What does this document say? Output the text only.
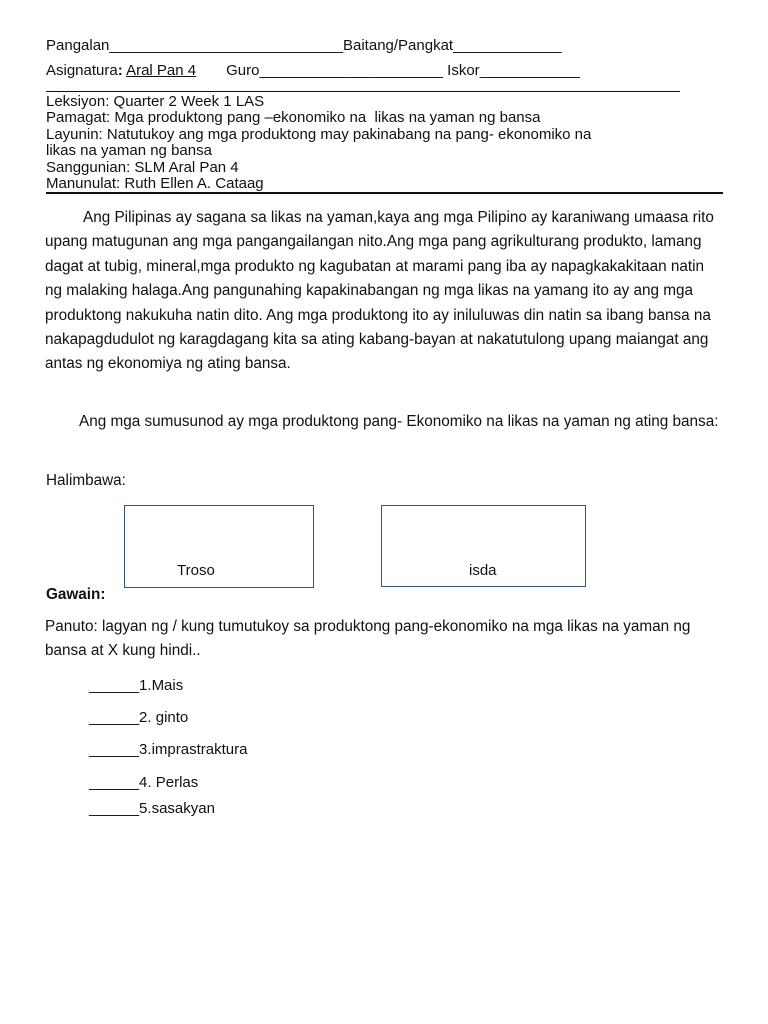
Pangalan____________________________Baitang/Pangkat_____________
Asignatura: Aral Pan 4 Guro______________________ Iskor____________
Leksiyon: Quarter 2 Week 1 LAS
Pamagat: Mga produktong pang –ekonomiko na  likas na yaman ng bansa
Layunin: Natutukoy ang mga produktong may pakinabang na pang- ekonomiko na
likas na yaman ng bansa
Sanggunian: SLM Aral Pan 4
Manunulat: Ruth Ellen A. Cataag
Ang Pilipinas ay sagana sa likas na yaman,kaya ang mga Pilipino ay karaniwang umaasa rito upang matugunan ang mga pangangailangan nito.Ang mga pang agrikulturang produkto, lamang dagat at tubig, mineral,mga produkto ng kagubatan at marami pang iba ay napagkakakitaan natin ng malaking halaga.Ang pangunahing kapakinabangan ng mga likas na yamang ito ay ang mga produktong nakukuha natin dito. Ang mga produktong ito ay iniluluwas din natin sa ibang bansa na nakapagdudulot ng karagdagang kita sa ating kabang-bayan at nakatutulong upang maiangat ang antas ng ekonomiya ng ating bansa.
Ang mga sumusunod ay mga produktong pang- Ekonomiko na likas na yaman ng ating bansa:
Halimbawa:
Troso	isda
Gawain:
Panuto: lagyan ng / kung tumutukoy sa produktong pang-ekonomiko na mga likas na yaman ng bansa at X kung hindi..
______1.Mais
______2. ginto
______3.imprastraktura
______4. Perlas
______5.sasakyan
